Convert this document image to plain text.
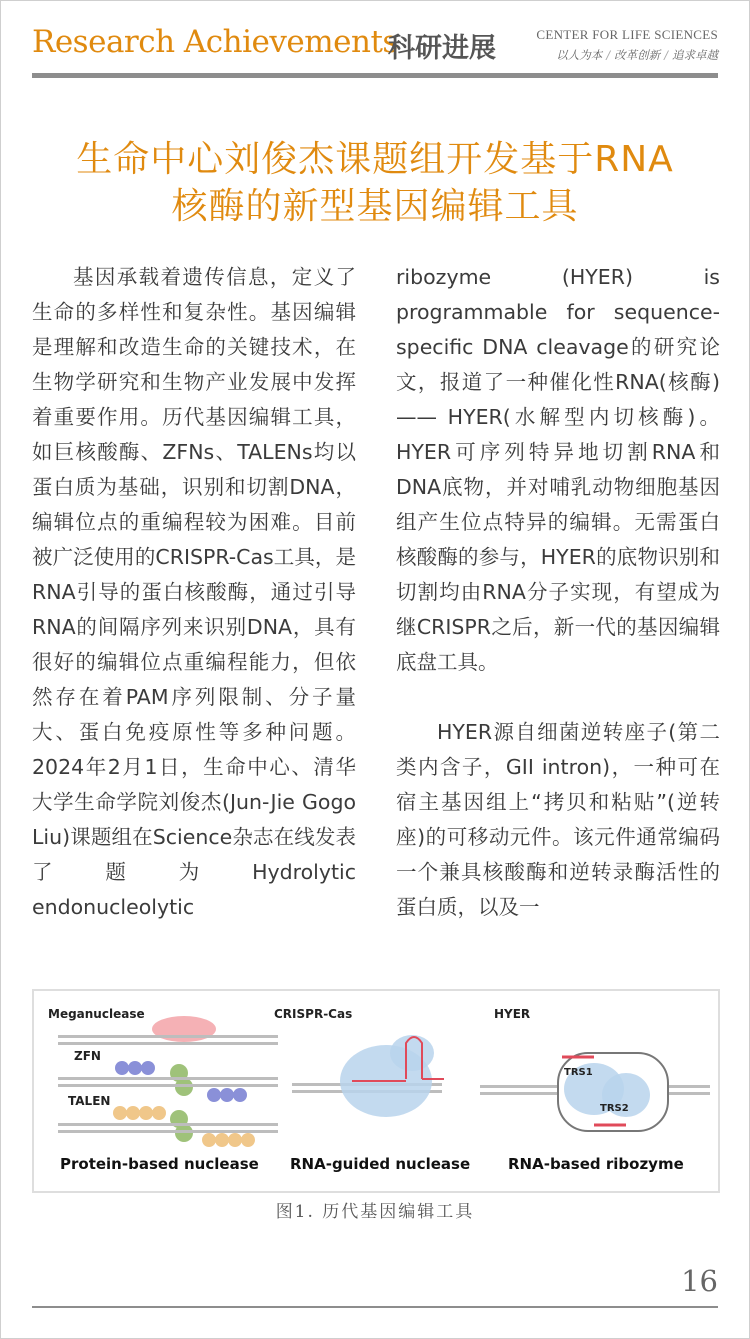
Research Achievements
科研进展	CENTER FOR LIFE SCIENCES
以人为本 / 改革创新 / 追求卓越
生命中心刘俊杰课题组开发基于RNA
核酶的新型基因编辑工具

基因承载着遗传信息，定义了生命的多样性和复杂性。基因编辑是理解和改造生命的关键技术，在生物学研究和生物产业发展中发挥着重要作用。历代基因编辑工具，如巨核酸酶、ZFNs、TALENs均以蛋白质为基础，识别和切割DNA，编辑位点的重编程较为困难。目前被广泛使用的CRISPR-Cas工具，是RNA引导的蛋白核酸酶，通过引导RNA的间隔序列来识别DNA，具有很好的编辑位点重编程能力，但依然存在着PAM序列限制、分子量大、蛋白免疫原性等多种问题。2024年2月1日，生命中心、清华大学生命学院刘俊杰(Jun-Jie Gogo Liu)课题组在Science杂志在线发表了题为Hydrolytic endonucleolytic

ribozyme (HYER) is programmable for sequence-specific DNA cleavage的研究论文，报道了一种催化性RNA(核酶) —— HYER(水解型内切核酶)。HYER可序列特异地切割RNA和DNA底物，并对哺乳动物细胞基因组产生位点特异的编辑。无需蛋白核酸酶的参与，HYER的底物识别和切割均由RNA分子实现，有望成为继CRISPR之后，新一代的基因编辑底盘工具。

HYER源自细菌逆转座子(第二类内含子，GII intron)，一种可在宿主基因组上“拷贝和粘贴”(逆转座)的可移动元件。该元件通常编码一个兼具核酸酶和逆转录酶活性的蛋白质，以及一

Meganuclease
ZFN
TALEN
CRISPR-Cas	HYER
TRS1
TRS2
Protein-based nuclease RNA-guided nuclease	RNA-based ribozyme
图1. 历代基因编辑工具
16
